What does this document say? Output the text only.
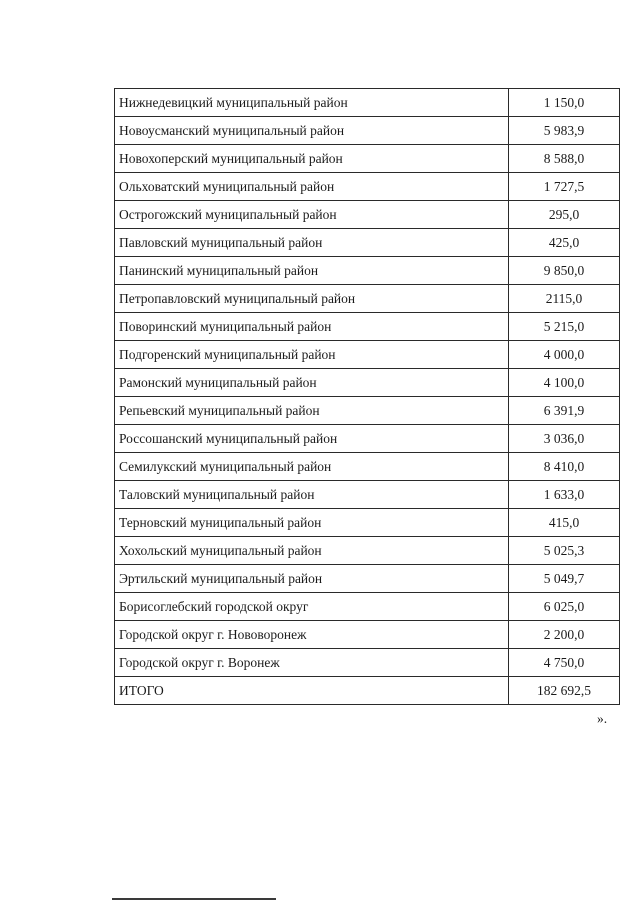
Нижнедевицкий муниципальный район	1 150,0
Новоусманский муниципальный район	5 983,9
Новохоперский муниципальный район	8 588,0
Ольховатский муниципальный район	1 727,5
Острогожский муниципальный район	295,0
Павловский муниципальный район	425,0
Панинский муниципальный район	9 850,0
Петропавловский муниципальный район	2115,0
Поворинский муниципальный район	5 215,0
Подгоренский муниципальный район	4 000,0
Рамонский муниципальный район	4 100,0
Репьевский муниципальный район	6 391,9
Россошанский муниципальный район	3 036,0
Семилукский муниципальный район	8 410,0
Таловский муниципальный район	1 633,0
Терновский муниципальный район	415,0
Хохольский муниципальный район	5 025,3
Эртильский муниципальный район	5 049,7
Борисоглебский городской округ	6 025,0
Городской округ г. Нововоронеж	2 200,0
Городской округ г. Воронеж	4 750,0
ИТОГО	182 692,5
».
